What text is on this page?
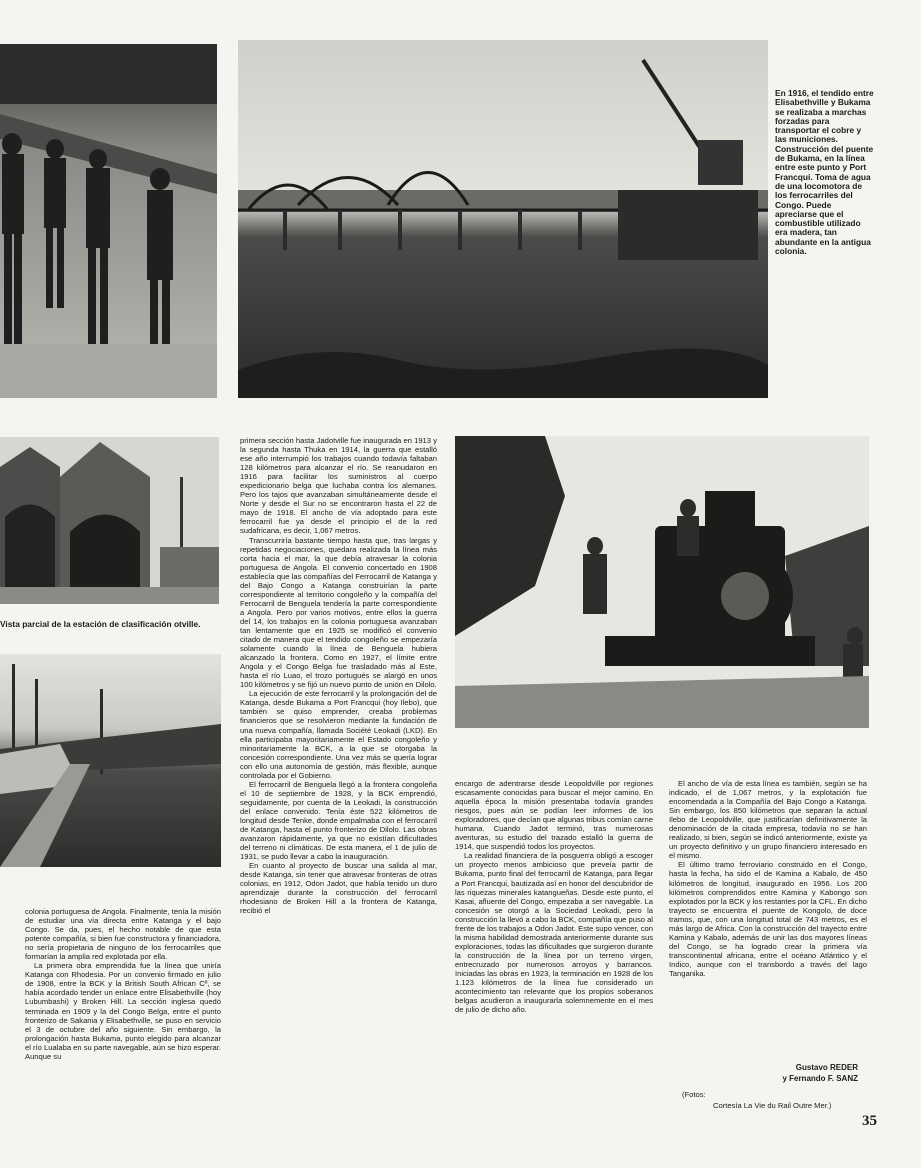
En 1916, el tendido entre Elisabethville y Bukama se realizaba a marchas forzadas para transportar el cobre y las municiones. Construcción del puente de Bukama, en la línea entre este punto y Port Francqui. Toma de agua de una locomotora de los ferrocarriles del Congo. Puede apreciarse que el combustible utilizado era madera, tan abundante en la antigua colonia.

Vista parcial de la estación de clasificación otville.

colonia portuguesa de Angola. Finalmente, tenía la misión de estudiar una vía directa entre Katanga y el bajo Congo. Se da, pues, el hecho notable de que esta potente compañía, si bien fue constructora y financiadora, no sería propietaria de ninguno de los ferrocarriles que formarían la amplia red explotada por ella.

La primera obra emprendida fue la línea que uniría Katanga con Rhodesia. Por un convenio firmado en julio de 1908, entre la BCK y la British South African Cº, se había acordado tender un enlace entre Elisabethville (hoy Lubumbashi) y Broken Hill. La sección inglesa quedó terminada en 1909 y la del Congo Belga, entre el punto fronterizo de Sakania y Elisabethville, se puso en servicio el 3 de octubre del año siguiente. Sin embargo, la prolongación hasta Bukama, punto elegido para alcanzar el río Lualaba en su parte navegable, aún se hizo esperar. Aunque su

primera sección hasta Jadotville fue inaugurada en 1913 y la segunda hasta Thuka en 1914, la guerra que estalló ese año interrumpió los trabajos cuando todavía faltaban 128 kilómetros para alcanzar el río. Se reanudaron en 1916 para facilitar los suministros al cuerpo expedicionario belga que luchaba contra los alemanes. Pero los tajos que avanzaban simultáneamente desde el Norte y desde el Sur no se encontraron hasta el 22 de mayo de 1918. El ancho de vía adoptado para este ferrocarril fue ya desde el principio el de la red sudafricana, es decir, 1,067 metros.

Transcurriría bastante tiempo hasta que, tras largas y repetidas negociaciones, quedara realizada la línea más corta hacia el mar, la que debía atravesar la colonia portuguesa de Angola. El convenio concertado en 1908 establecía que las compañías del Ferrocarril de Katanga y del Bajo Congo a Katanga construirían la parte correspondiente al territorio congoleño y la compañía del Ferrocarril de Benguela tendería la parte correspondiente a Angola. Pero por varios motivos, entre ellos la guerra del 14, los trabajos en la colonia portuguesa avanzaban tan lentamente que en 1925 se modificó el convenio citado de manera que el tendido congoleño se empezaría solamente cuando la línea de Benguela hubiera alcanzado la frontera. Como en 1927, el límite entre Angola y el Congo Belga fue trasladado más al Este, hasta el río Luao, el trozo portugués se alargó en unos 100 kilómetros y se fijó un nuevo punto de unión en Dilolo.

La ejecución de este ferrocarril y la prolongación del de Katanga, desde Bukama a Port Francqui (hoy Ilebo), que también se quiso emprender, creaba problemas financieros que se resolvieron mediante la fundación de una nueva compañía, llamada Société Leokadi (LKD). En ella participaba mayoritariamente el Estado congoleño y minoritariamente la BCK, a la que se otorgaba la concesión correspondiente. Una vez más se quería lograr con ello una autonomía de gestión, más flexible, aunque controlada por el Gobierno.

El ferrocarril de Benguela llegó a la frontera congoleña el 10 de septiembre de 1928, y la BCK emprendió, seguidamente, por cuenta de la Leokadi, la construcción del enlace convenido. Tenía éste 522 kilómetros de longitud desde Tenke, donde empalmaba con el ferrocarril de Katanga, hasta el punto fronterizo de Dilolo. Las obras avanzaron rápidamente, ya que no existían dificultades del terreno ni climáticas. De esta manera, el 1 de julio de 1931, se pudo llevar a cabo la inauguración.

En cuanto al proyecto de buscar una salida al mar, desde Katanga, sin tener que atravesar fronteras de otras colonias, en 1912, Odon Jadot, que había tenido un duro aprendizaje durante la construcción del ferrocarril rhodesiano de Broken Hill a la frontera de Katanga, recibió el

encargo de adentrarse desde Leopoldville por regiones escasamente conocidas para buscar el mejor camino. En aquella época la misión presentaba todavía grandes riesgos, pues aún se podían leer informes de los exploradores, que decían que algunas tribus comían carne humana. Cuando Jadot terminó, tras numerosas aventuras, su estudio del trazado estalló la guerra de 1914, que suspendió todos los proyectos.

La realidad financiera de la posguerra obligó a escoger un proyecto menos ambicioso que preveía partir de Bukama, punto final del ferrocarril de Katanga, para llegar a Port Francqui, bautizada así en honor del descubridor de las riquezas minerales katangueñas. Desde este punto, el Kasai, afluente del Congo, empezaba a ser navegable. La concesión se otorgó a la Sociedad Leokadi, pero la construcción la llevó a cabo la BCK, compañía que puso al frente de los trabajos a Odon Jadot. Este supo vencer, con la misma habilidad demostrada anteriormente durante sus exploraciones, todas las dificultades que surgieron durante la construcción de la línea por un terreno virgen, entrecruzado por numerosos arroyos y barrancos. Iniciadas las obras en 1923, la terminación en 1928 de los 1.123 kilómetros de la línea fue considerado un acontecimiento tan relevante que los propios soberanos belgas acudieron a inaugurarla solemnemente en el mes de julio de dicho año.

El ancho de vía de esta línea es también, según se ha indicado, el de 1,067 metros, y la explotación fue encomendada a la Compañía del Bajo Congo a Katanga. Sin embargo, los 850 kilómetros que separan la actual Ilebo de Leopoldville, que justificarían definitivamente la denominación de la citada empresa, todavía no se han realizado, si bien, según se indicó anteriormente, existe ya un proyecto definitivo y un grupo financiero interesado en el mismo.

El último tramo ferroviario construido en el Congo, hasta la fecha, ha sido el de Kamina a Kabalo, de 450 kilómetros de longitud, inaugurado en 1956. Los 200 kilómetros comprendidos entre Kamina y Kabongo son explotados por la BCK y los restantes por la CFL. En dicho trayecto se encuentra el puente de Kongolo, de doce tramos, que, con una longitud total de 743 metros, es el más largo de Africa. Con la construcción del trayecto entre Kamina y Kabalo, además de unir las dos mayores líneas del Congo, se ha logrado crear la primera vía transcontinental africana, entre el océano Atlántico y el Indico, aunque con el transbordo a través del lago Tanganika.

Gustavo REDER
y Fernando F. SANZ
(Fotos:
Cortesía La Vie du Rail Outre Mer.)
35
